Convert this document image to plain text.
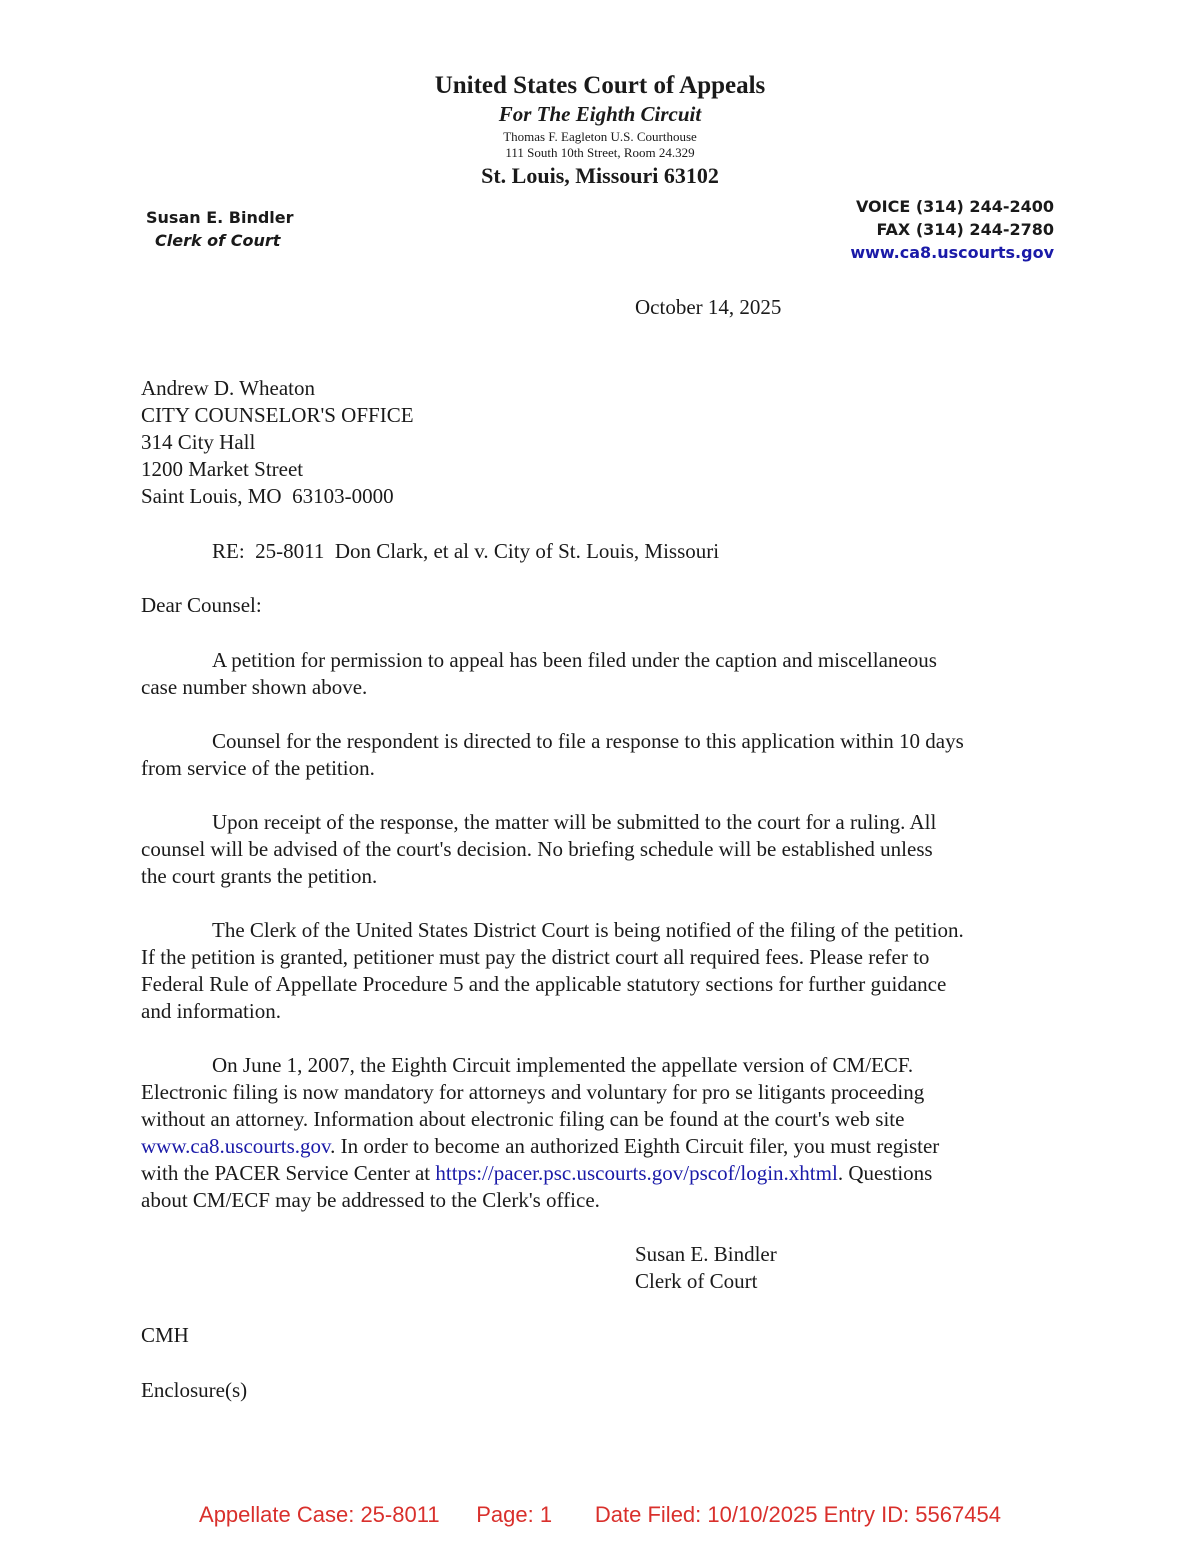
United States Court of Appeals
For The Eighth Circuit
Thomas F. Eagleton U.S. Courthouse
111 South 10th Street, Room 24.329
St. Louis, Missouri 63102
Susan E. Bindler
Clerk of Court
VOICE (314) 244-2400
FAX (314) 244-2780
www.ca8.uscourts.gov
October 14, 2025
Andrew D. Wheaton
CITY COUNSELOR'S OFFICE
314 City Hall
1200 Market Street
Saint Louis, MO  63103-0000
RE:  25-8011  Don Clark, et al v. City of St. Louis, Missouri
Dear Counsel:
A petition for permission to appeal has been filed under the caption and miscellaneous
case number shown above.
Counsel for the respondent is directed to file a response to this application within 10 days
from service of the petition.
Upon receipt of the response, the matter will be submitted to the court for a ruling. All
counsel will be advised of the court's decision. No briefing schedule will be established unless
the court grants the petition.
The Clerk of the United States District Court is being notified of the filing of the petition.
If the petition is granted, petitioner must pay the district court all required fees. Please refer to
Federal Rule of Appellate Procedure 5 and the applicable statutory sections for further guidance
and information.
On June 1, 2007, the Eighth Circuit implemented the appellate version of CM/ECF.
Electronic filing is now mandatory for attorneys and voluntary for pro se litigants proceeding
without an attorney. Information about electronic filing can be found at the court's web site
www.ca8.uscourts.gov. In order to become an authorized Eighth Circuit filer, you must register
with the PACER Service Center at https://pacer.psc.uscourts.gov/pscof/login.xhtml. Questions
about CM/ECF may be addressed to the Clerk's office.
Susan E. Bindler
Clerk of Court
CMH
Enclosure(s)
Appellate Case: 25-8011 Page: 1 Date Filed: 10/10/2025 Entry ID: 5567454
